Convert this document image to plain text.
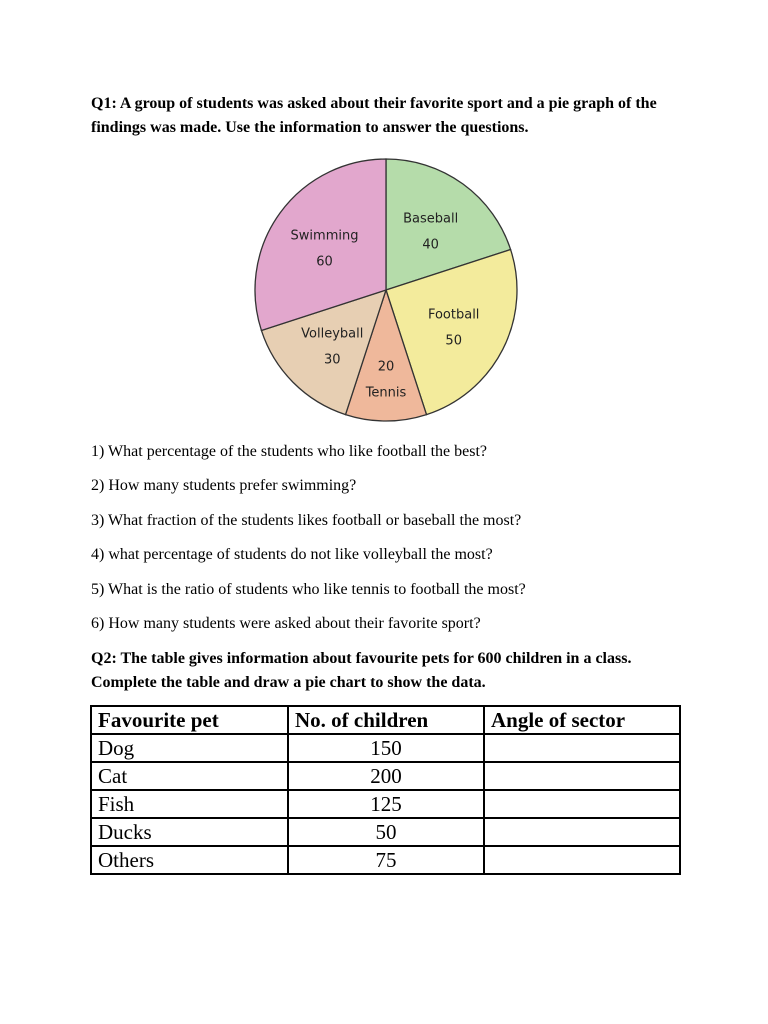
Q1: A group of students was asked about their favorite sport and a pie graph of the findings was made. Use the information to answer the questions.
Baseball
40
Football
50
20
Tennis
Volleyball
30
Swimming
60
1) What percentage of the students who like football the best?
2) How many students prefer swimming?
3) What fraction of the students likes football or baseball the most?
4) what percentage of students do not like volleyball the most?
5) What is the ratio of students who like tennis to football the most?
6) How many students were asked about their favorite sport?
Q2: The table gives information about favourite pets for 600 children in a class. Complete the table and draw a pie chart to show the data.
Favourite pet	No. of children	Angle of sector
Dog	150	
Cat	200	
Fish	125	
Ducks	50	
Others	75	
